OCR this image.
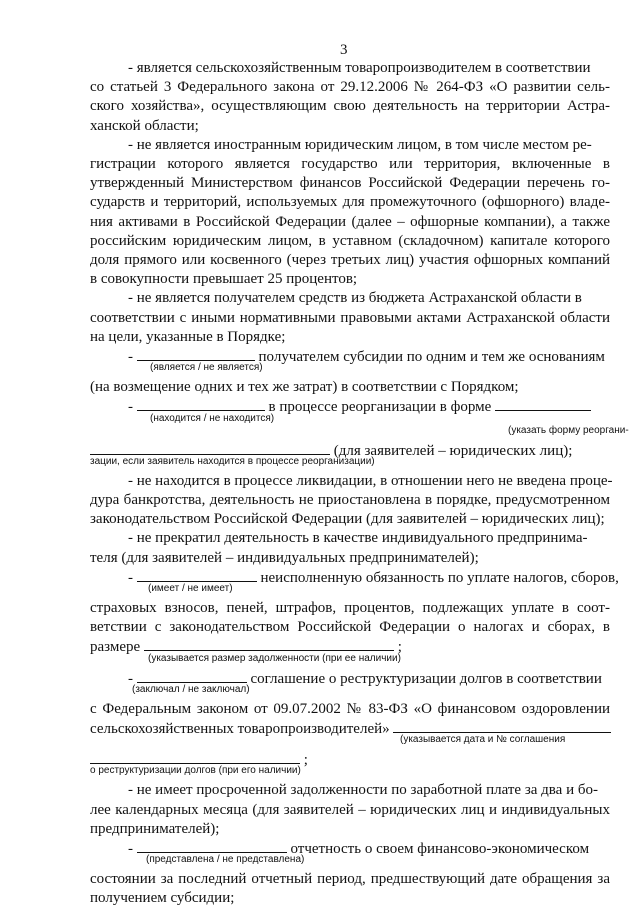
3
- является сельскохозяйственным товаропроизводителем в соответствии
со статьей 3 Федерального закона от 29.12.2006 № 264-ФЗ «О развитии сель-
ского хозяйства», осуществляющим свою деятельность на территории Астра-
ханской области;
- не является иностранным юридическим лицом, в том числе местом ре-
гистрации которого является государство или территория, включенные в
утвержденный Министерством финансов Российской Федерации перечень го-
сударств и территорий, используемых для промежуточного (офшорного) владе-
ния активами в Российской Федерации (далее – офшорные компании), а также
российским юридическим лицом, в уставном (складочном) капитале которого
доля прямого или косвенного (через третьих лиц) участия офшорных компаний
в совокупности превышает 25 процентов;
- не является получателем средств из бюджета Астраханской области в
соответствии с иными нормативными правовыми актами Астраханской области
на цели, указанные в Порядке;
-	получателем субсидии по одним и тем же основаниям
(является / не является)
(на возмещение одних и тех же затрат) в соответствии с Порядком;
-	в процессе реорганизации в форме
(находится / не находится)
(указать форму реоргани-
(для заявителей – юридических лиц);
зации, если заявитель находится в процессе реорганизации)
- не находится в процессе ликвидации, в отношении него не введена проце-
дура банкротства, деятельность не приостановлена в порядке, предусмотренном
законодательством Российской Федерации (для заявителей – юридических лиц);
- не прекратил деятельность в качестве индивидуального предпринима-
теля (для заявителей – индивидуальных предпринимателей);
-	неисполненную обязанность по уплате налогов, сборов,
(имеет / не имеет)
страховых взносов, пеней, штрафов, процентов, подлежащих уплате в соот-
ветствии с законодательством Российской Федерации о налогах и сборах, в
размере	;
(указывается размер задолженности (при ее наличии)
-	соглашение о реструктуризации долгов в соответствии
(заключал / не заключал)
с Федеральным законом от 09.07.2002 № 83-ФЗ «О финансовом оздоровлении
сельскохозяйственных товаропроизводителей»
(указывается дата и № соглашения
;
о реструктуризации долгов (при его наличии)
- не имеет просроченной задолженности по заработной плате за два и бо-
лее календарных месяца (для заявителей – юридических лиц и индивидуальных
предпринимателей);
-	отчетность о своем финансово-экономическом
(представлена / не представлена)
состоянии за последний отчетный период, предшествующий дате обращения за
получением субсидии;
